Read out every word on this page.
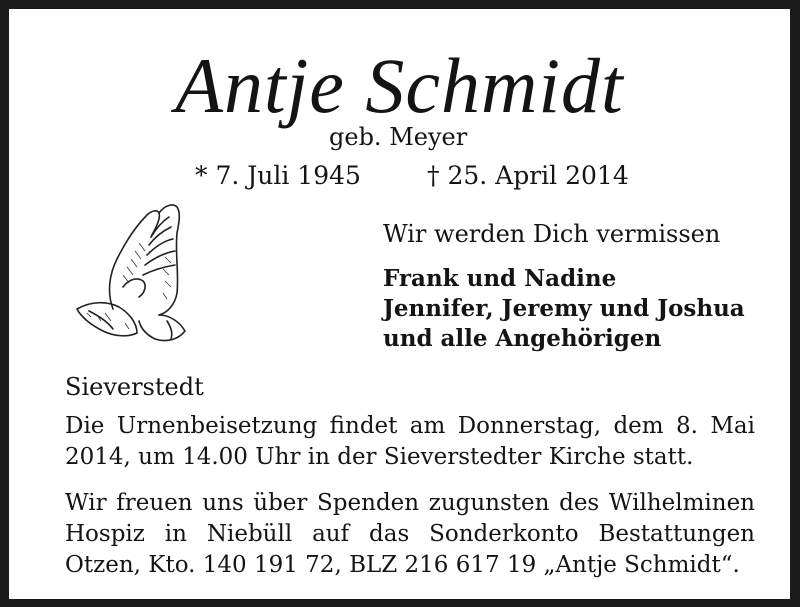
Antje Schmidt
geb. Meyer
* 7. Juli 1945	† 25. April 2014
Wir werden Dich vermissen
Frank und Nadine
Jennifer, Jeremy und Joshua
und alle Angehörigen
Sieverstedt
Die Urnenbeisetzung findet am Donnerstag, dem 8. Mai 2014, um 14.00 Uhr in der Sieverstedter Kirche statt.
Wir freuen uns über Spenden zugunsten des Wilhelminen Hospiz in Niebüll auf das Sonderkonto Bestattungen Otzen, Kto. 140 191 72, BLZ 216 617 19 „Antje Schmidt“.
